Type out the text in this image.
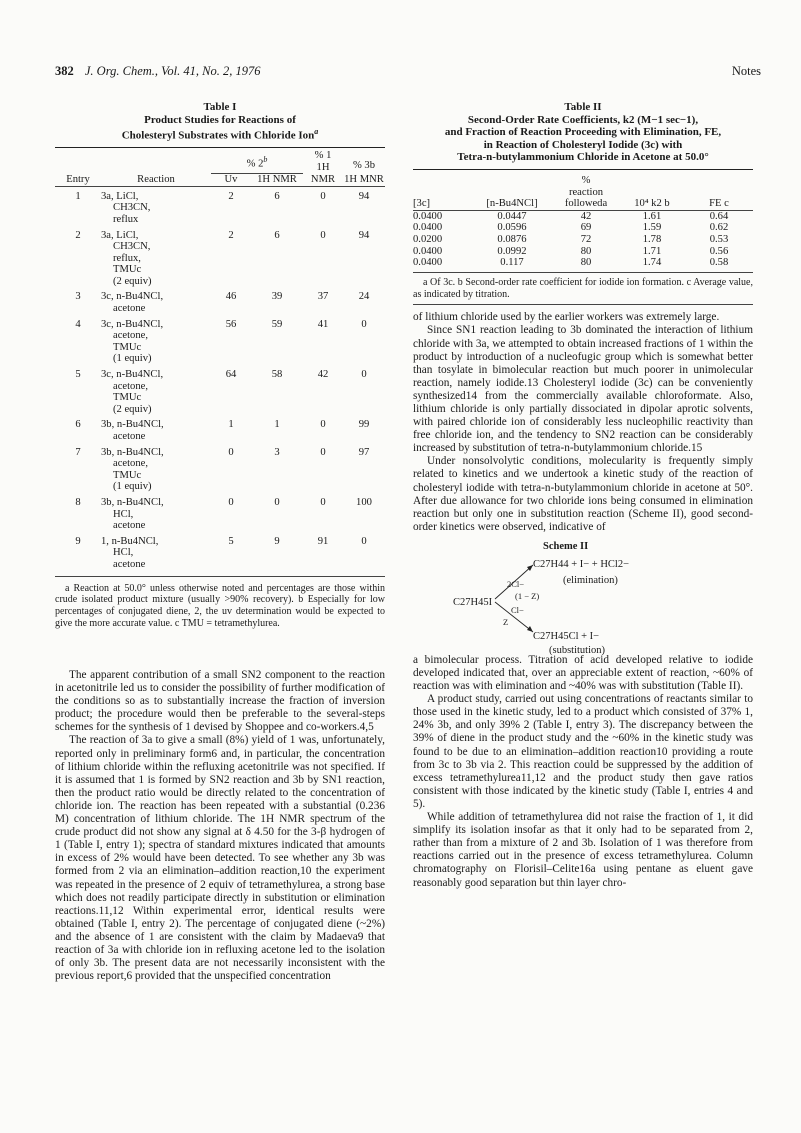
382 J. Org. Chem., Vol. 41, No. 2, 1976	Notes
Table I
Product Studies for Reactions of
Cholesteryl Substrates with Chloride Ion$^a$
		% 2$^b$		% 1
1H	% 3b
Entry	Reaction	Uv	1H NMR	NMR	1H MNR
1	3a, LiCl,
CH3CN,
reflux	2	6	0	94
2	3a, LiCl,
CH3CN,
reflux,
TMUc
(2 equiv)	2	6	0	94
3	3c, n-Bu4NCl,
acetone	46	39	37	24
4	3c, n-Bu4NCl,
acetone,
TMUc
(1 equiv)	56	59	41	0
5	3c, n-Bu4NCl,
acetone,
TMUc
(2 equiv)	64	58	42	0
6	3b, n-Bu4NCl,
acetone	1	1	0	99
7	3b, n-Bu4NCl,
acetone,
TMUc
(1 equiv)	0	3	0	97
8	3b, n-Bu4NCl,
HCl,
acetone	0	0	0	100
9	1, n-Bu4NCl,
HCl,
acetone	5	9	91	0
a Reaction at 50.0° unless otherwise noted and percentages are those within crude isolated product mixture (usually >90% recovery). b Especially for low percentages of conjugated diene, 2, the uv determination would be expected to give the more accurate value. c TMU = tetramethylurea.

The apparent contribution of a small SN2 component to the reaction in acetonitrile led us to consider the possibility of further modification of the conditions so as to substantially increase the fraction of inversion product; the procedure would then be preferable to the several-steps schemes for the synthesis of 1 devised by Shoppee and co-workers.4,5

The reaction of 3a to give a small (8%) yield of 1 was, unfortunately, reported only in preliminary form6 and, in particular, the concentration of lithium chloride within the refluxing acetonitrile was not specified. If it is assumed that 1 is formed by SN2 reaction and 3b by SN1 reaction, then the product ratio would be directly related to the concentration of chloride ion. The reaction has been repeated with a substantial (0.236 M) concentration of lithium chloride. The 1H NMR spectrum of the crude product did not show any signal at δ 4.50 for the 3-β hydrogen of 1 (Table I, entry 1); spectra of standard mixtures indicated that amounts in excess of 2% would have been detected. To see whether any 3b was formed from 2 via an elimination–addition reaction,10 the experiment was repeated in the presence of 2 equiv of tetramethylurea, a strong base which does not readily participate directly in substitution or elimination reactions.11,12 Within experimental error, identical results were obtained (Table I, entry 2). The percentage of conjugated diene (~2%) and the absence of 1 are consistent with the claim by Madaeva9 that reaction of 3a with chloride ion in refluxing acetone led to the isolation of only 3b. The present data are not necessarily inconsistent with the previous report,6 provided that the unspecified concentration

Table II
Second-Order Rate Coefficients, k2 (M−1 sec−1),
and Fraction of Reaction Proceeding with Elimination, FE,
in Reaction of Cholesteryl Iodide (3c) with
Tetra-n-butylammonium Chloride in Acetone at 50.0°
		%		
		reaction		
[3c]	[n-Bu4NCl]	followeda	10⁴ k2 b	FE c
0.0400	0.0447	42	1.61	0.64
0.0400	0.0596	69	1.59	0.62
0.0200	0.0876	72	1.78	0.53
0.0400	0.0992	80	1.71	0.56
0.0400	0.117	80	1.74	0.58
a Of 3c. b Second-order rate coefficient for iodide ion formation. c Average value, as indicated by titration.

of lithium chloride used by the earlier workers was extremely large.

Since SN1 reaction leading to 3b dominated the interaction of lithium chloride with 3a, we attempted to obtain increased fractions of 1 within the product by introduction of a nucleofugic group which is somewhat better than tosylate in bimolecular reaction but much poorer in unimolecular reaction, namely iodide.13 Cholesteryl iodide (3c) can be conveniently synthesized14 from the commercially available chloroformate. Also, lithium chloride is only partially dissociated in dipolar aprotic solvents, with paired chloride ion of considerably less nucleophilic reactivity than free chloride ion, and the tendency to SN2 reaction can be considerably increased by substitution of tetra-n-butylammonium chloride.15

Under nonsolvolytic conditions, molecularity is frequently simply related to kinetics and we undertook a kinetic study of the reaction of cholesteryl iodide with tetra-n-butylammonium chloride in acetone at 50°. After due allowance for two chloride ions being consumed in elimination reaction but only one in substitution reaction (Scheme II), good second-order kinetics were observed, indicative of

Scheme II
C27H44 + I− + HCl2−
(elimination)
2Cl−
(1 − Z)
C27H45I
Cl−
Z
C27H45Cl + I−
(substitution)

a bimolecular process. Titration of acid developed relative to iodide developed indicated that, over an appreciable extent of reaction, ~60% of reaction was with elimination and ~40% was with substitution (Table II).

A product study, carried out using concentrations of reactants similar to those used in the kinetic study, led to a product which consisted of 37% 1, 24% 3b, and only 39% 2 (Table I, entry 3). The discrepancy between the 39% of diene in the product study and the ~60% in the kinetic study was found to be due to an elimination–addition reaction10 providing a route from 3c to 3b via 2. This reaction could be suppressed by the addition of excess tetramethylurea11,12 and the product study then gave ratios consistent with those indicated by the kinetic study (Table I, entries 4 and 5).

While addition of tetramethylurea did not raise the fraction of 1, it did simplify its isolation insofar as that it only had to be separated from 2, rather than from a mixture of 2 and 3b. Isolation of 1 was therefore from reactions carried out in the presence of excess tetramethylurea. Column chromatography on Florisil–Celite16a using pentane as eluent gave reasonably good separation but thin layer chro-
